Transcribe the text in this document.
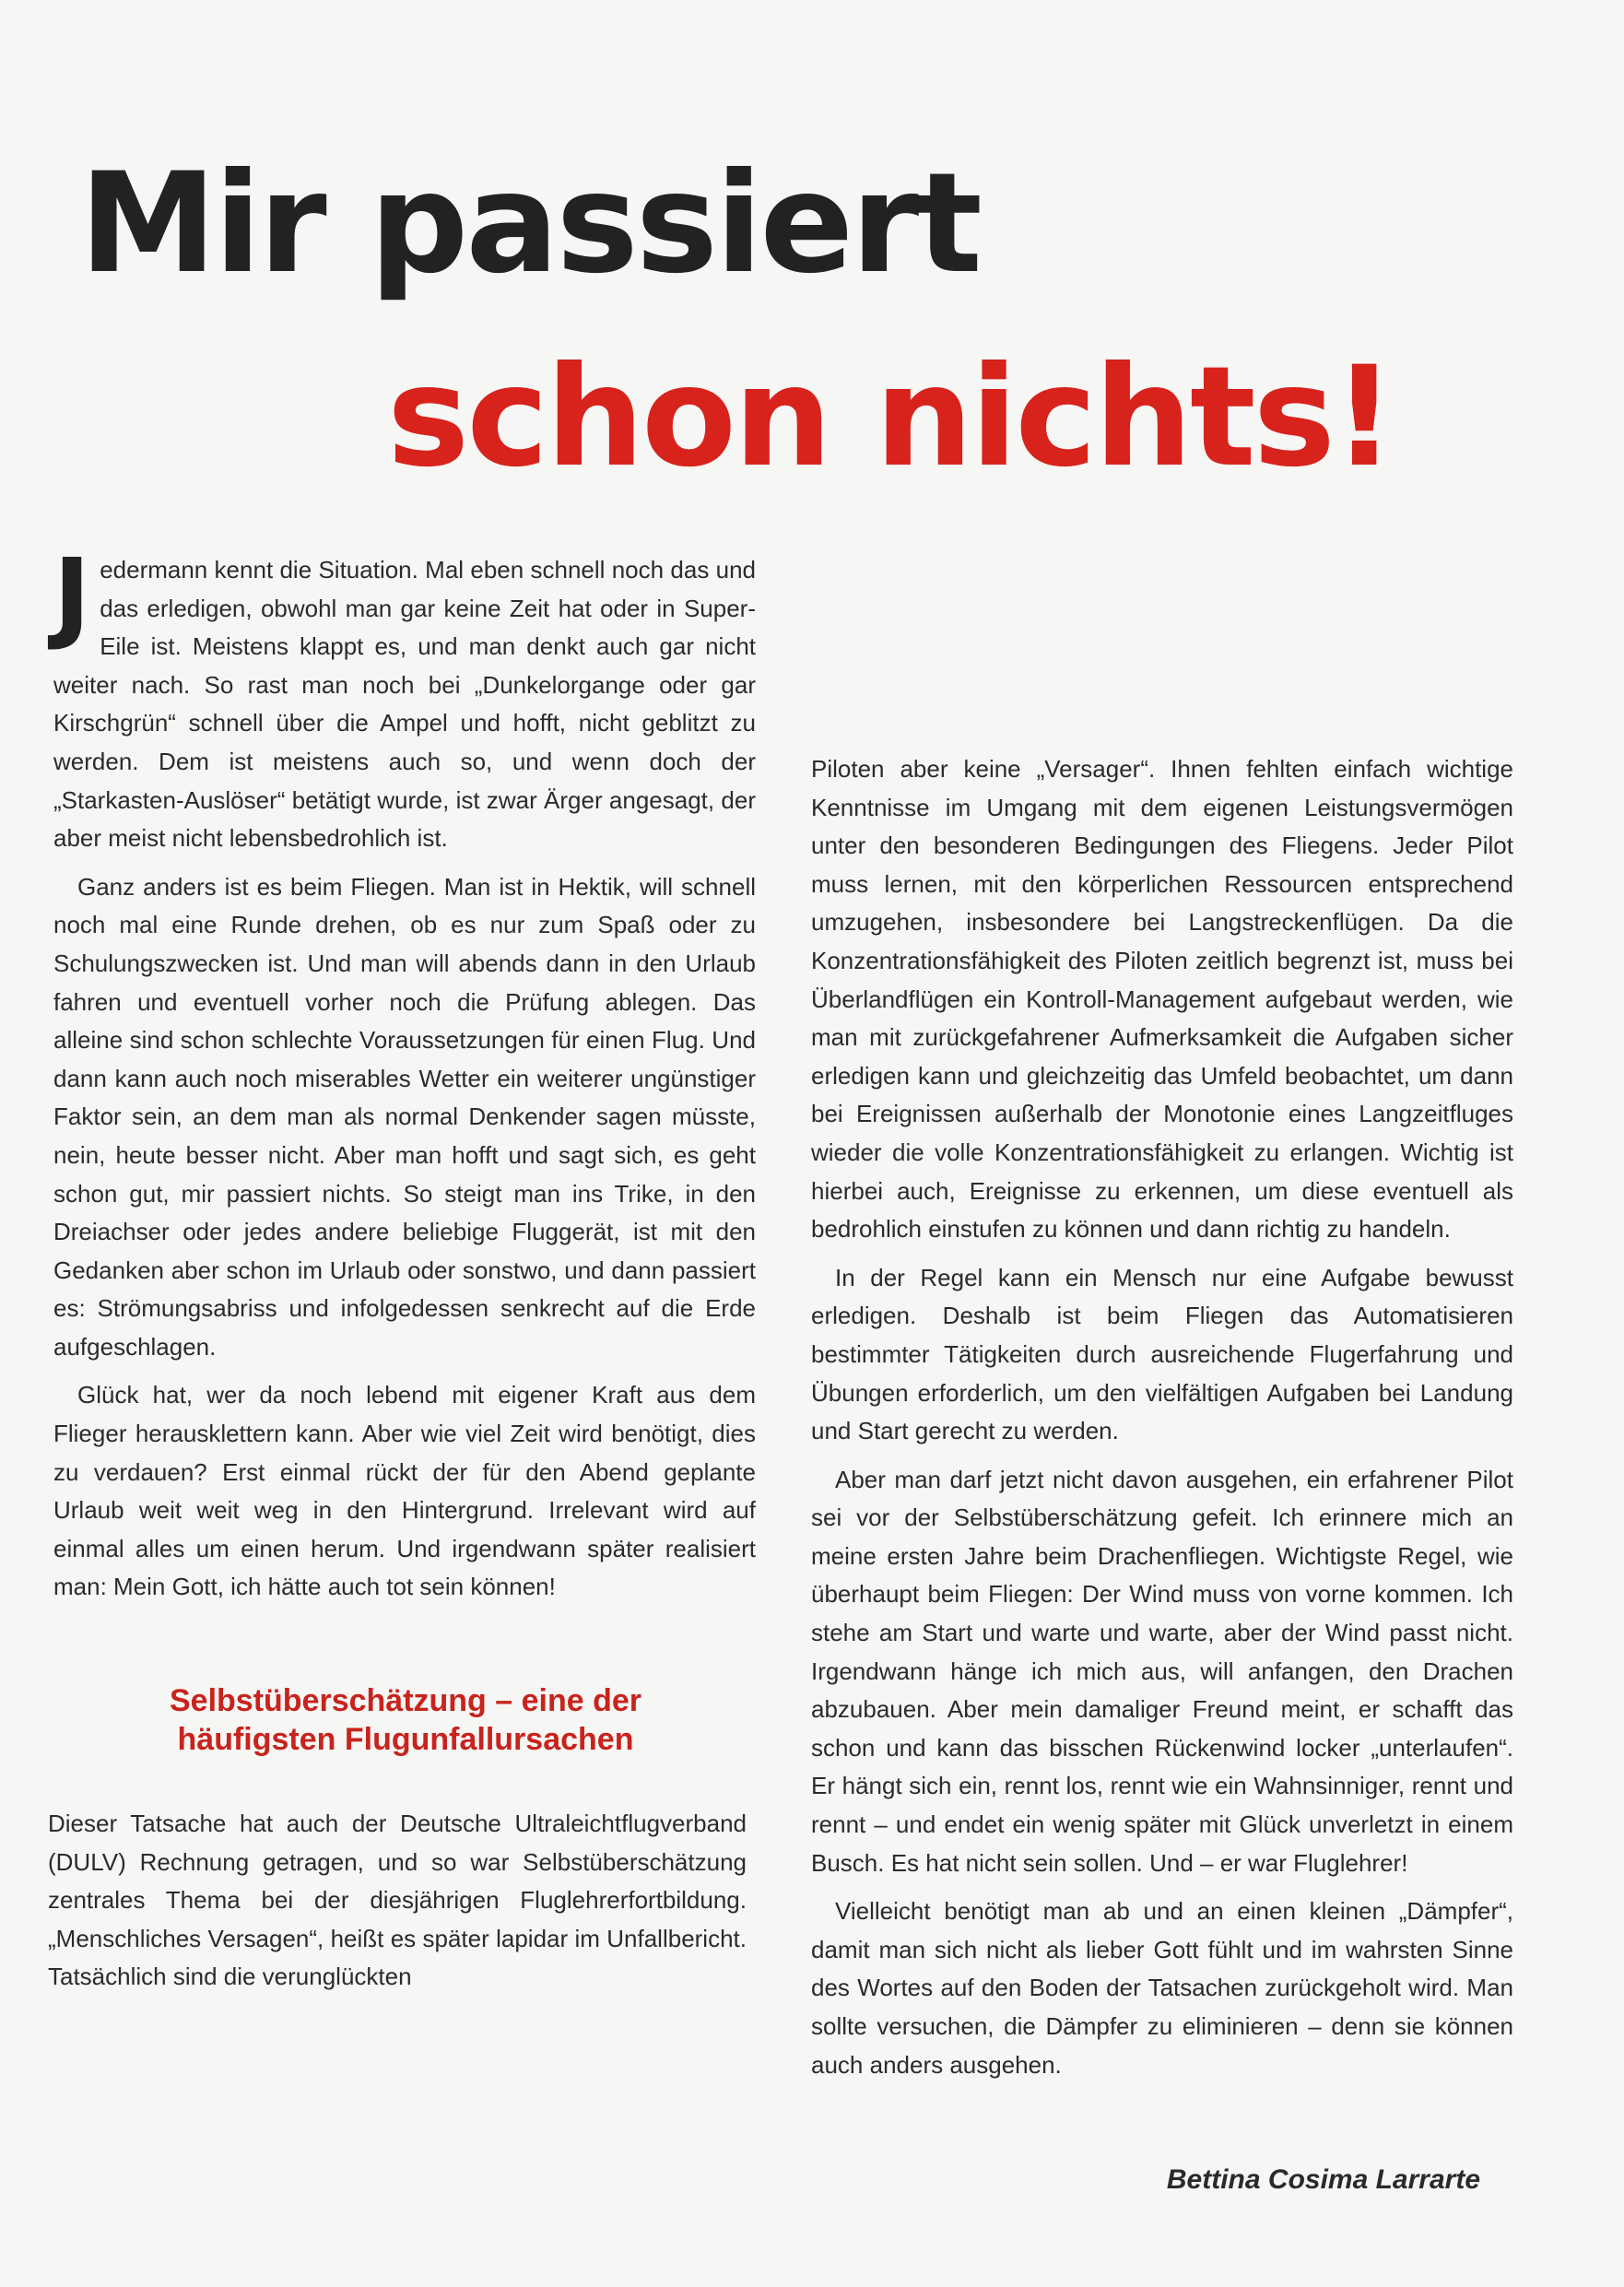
Mir passiert
schon nichts!

Jedermann kennt die Situation. Mal eben schnell noch das und das erledigen, obwohl man gar keine Zeit hat oder in Super-Eile ist. Meistens klappt es, und man denkt auch gar nicht weiter nach. So rast man noch bei „Dunkelorgange oder gar Kirschgrün“ schnell über die Ampel und hofft, nicht geblitzt zu werden. Dem ist meistens auch so, und wenn doch der „Starkasten-Auslöser“ betätigt wurde, ist zwar Ärger angesagt, der aber meist nicht lebensbedrohlich ist.

Ganz anders ist es beim Fliegen. Man ist in Hektik, will schnell noch mal eine Runde drehen, ob es nur zum Spaß oder zu Schulungszwecken ist. Und man will abends dann in den Urlaub fahren und eventuell vorher noch die Prüfung ablegen. Das alleine sind schon schlechte Voraussetzungen für einen Flug. Und dann kann auch noch miserables Wetter ein weiterer ungünstiger Faktor sein, an dem man als normal Denkender sagen müsste, nein, heute besser nicht. Aber man hofft und sagt sich, es geht schon gut, mir passiert nichts. So steigt man ins Trike, in den Dreiachser oder jedes andere beliebige Fluggerät, ist mit den Gedanken aber schon im Urlaub oder sonstwo, und dann passiert es: Strömungsabriss und infolgedessen senkrecht auf die Erde aufgeschlagen.

Glück hat, wer da noch lebend mit eigener Kraft aus dem Flieger herausklettern kann. Aber wie viel Zeit wird benötigt, dies zu verdauen? Erst einmal rückt der für den Abend geplante Urlaub weit weit weg in den Hintergrund. Irrelevant wird auf einmal alles um einen herum. Und irgendwann später realisiert man: Mein Gott, ich hätte auch tot sein können!

Selbstüberschätzung – eine der
häufigsten Flugunfallursachen

Dieser Tatsache hat auch der Deutsche Ultraleichtflugverband (DULV) Rechnung getragen, und so war Selbstüberschätzung zentrales Thema bei der diesjährigen Fluglehrerfortbildung. „Menschliches Versagen“, heißt es später lapidar im Unfallbericht. Tatsächlich sind die verunglückten

Piloten aber keine „Versager“. Ihnen fehlten einfach wichtige Kenntnisse im Umgang mit dem eigenen Leistungsvermögen unter den besonderen Bedingungen des Fliegens. Jeder Pilot muss lernen, mit den körperlichen Ressourcen entsprechend umzugehen, insbesondere bei Langstreckenflügen. Da die Konzentrationsfähigkeit des Piloten zeitlich begrenzt ist, muss bei Überlandflügen ein Kontroll-Management aufgebaut werden, wie man mit zurückgefahrener Aufmerksamkeit die Aufgaben sicher erledigen kann und gleichzeitig das Umfeld beobachtet, um dann bei Ereignissen außerhalb der Monotonie eines Langzeitfluges wieder die volle Konzentrationsfähigkeit zu erlangen. Wichtig ist hierbei auch, Ereignisse zu erkennen, um diese eventuell als bedrohlich einstufen zu können und dann richtig zu handeln.

In der Regel kann ein Mensch nur eine Aufgabe bewusst erledigen. Deshalb ist beim Fliegen das Automatisieren bestimmter Tätigkeiten durch ausreichende Flugerfahrung und Übungen erforderlich, um den vielfältigen Aufgaben bei Landung und Start gerecht zu werden.

Aber man darf jetzt nicht davon ausgehen, ein erfahrener Pilot sei vor der Selbstüberschätzung gefeit. Ich erinnere mich an meine ersten Jahre beim Drachenfliegen. Wichtigste Regel, wie überhaupt beim Fliegen: Der Wind muss von vorne kommen. Ich stehe am Start und warte und warte, aber der Wind passt nicht. Irgendwann hänge ich mich aus, will anfangen, den Drachen abzubauen. Aber mein damaliger Freund meint, er schafft das schon und kann das bisschen Rückenwind locker „unterlaufen“. Er hängt sich ein, rennt los, rennt wie ein Wahnsinniger, rennt und rennt – und endet ein wenig später mit Glück unverletzt in einem Busch. Es hat nicht sein sollen. Und – er war Fluglehrer!

Vielleicht benötigt man ab und an einen kleinen „Dämpfer“, damit man sich nicht als lieber Gott fühlt und im wahrsten Sinne des Wortes auf den Boden der Tatsachen zurückgeholt wird. Man sollte versuchen, die Dämpfer zu eliminieren – denn sie können auch anders ausgehen.

Bettina Cosima Larrarte
